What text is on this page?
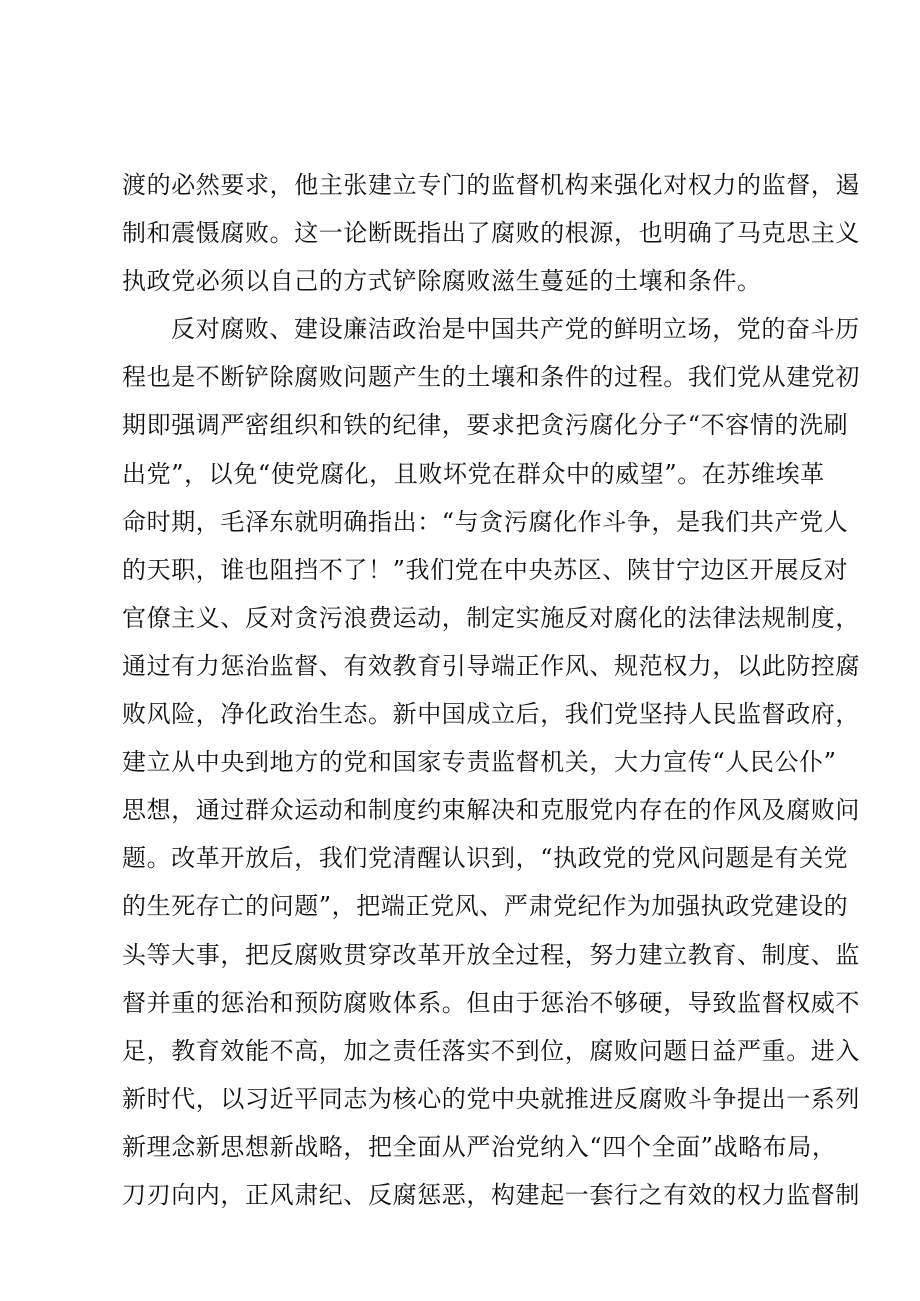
渡的必然要求，他主张建立专门的监督机构来强化对权力的监督，遏
制和震慑腐败。这一论断既指出了腐败的根源，也明确了马克思主义
执政党必须以自己的方式铲除腐败滋生蔓延的土壤和条件。
反对腐败、建设廉洁政治是中国共产党的鲜明立场，党的奋斗历
程也是不断铲除腐败问题产生的土壤和条件的过程。我们党从建党初
期即强调严密组织和铁的纪律，要求把贪污腐化分子“不容情的洗刷
出党”，以免“使党腐化，且败坏党在群众中的威望”。在苏维埃革
命时期，毛泽东就明确指出：“与贪污腐化作斗争，是我们共产党人
的天职，谁也阻挡不了！”我们党在中央苏区、陕甘宁边区开展反对
官僚主义、反对贪污浪费运动，制定实施反对腐化的法律法规制度，
通过有力惩治监督、有效教育引导端正作风、规范权力，以此防控腐
败风险，净化政治生态。新中国成立后，我们党坚持人民监督政府，
建立从中央到地方的党和国家专责监督机关，大力宣传“人民公仆”
思想，通过群众运动和制度约束解决和克服党内存在的作风及腐败问
题。改革开放后，我们党清醒认识到，“执政党的党风问题是有关党
的生死存亡的问题”，把端正党风、严肃党纪作为加强执政党建设的
头等大事，把反腐败贯穿改革开放全过程，努力建立教育、制度、监
督并重的惩治和预防腐败体系。但由于惩治不够硬，导致监督权威不
足，教育效能不高，加之责任落实不到位，腐败问题日益严重。进入
新时代，以习近平同志为核心的党中央就推进反腐败斗争提出一系列
新理念新思想新战略，把全面从严治党纳入“四个全面”战略布局，
刀刃向内，正风肃纪、反腐惩恶，构建起一套行之有效的权力监督制
